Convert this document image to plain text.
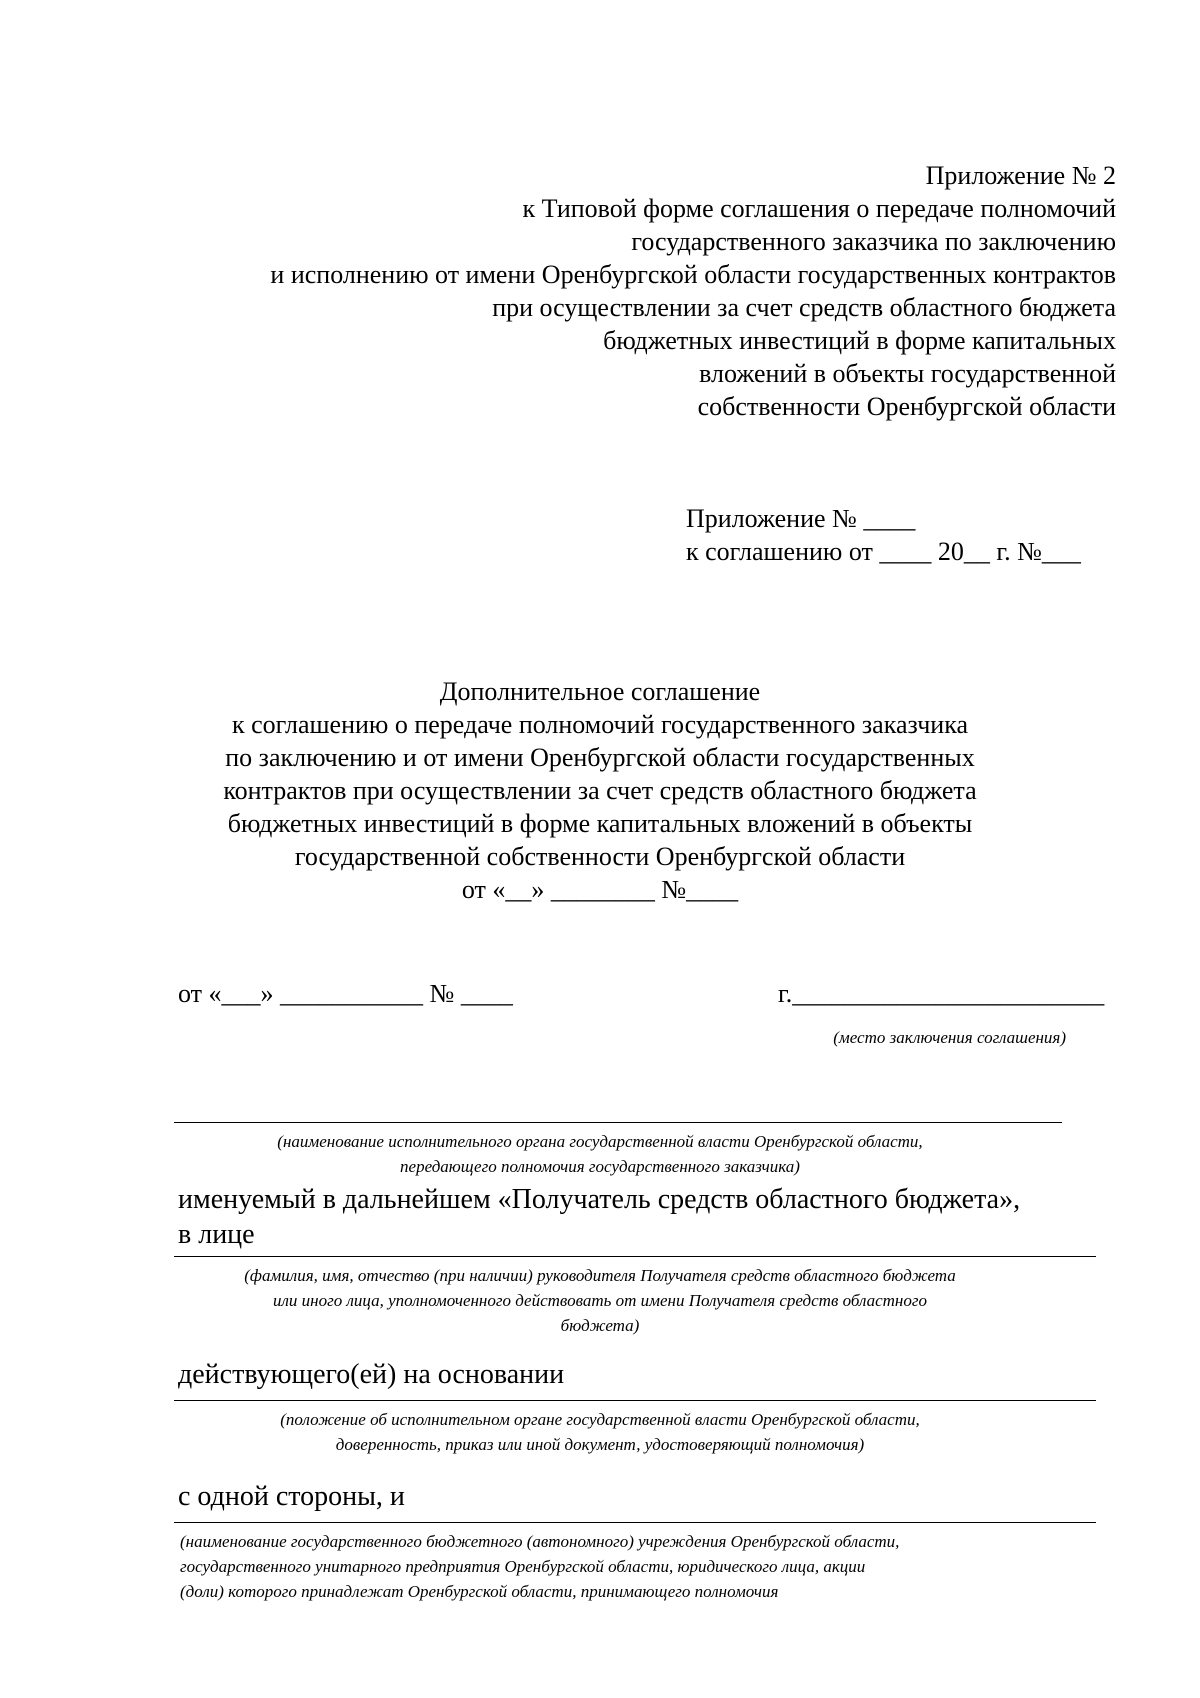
Приложение № 2
к Типовой форме соглашения о передаче полномочий
государственного заказчика по заключению
и исполнению от имени Оренбургской области государственных контрактов
при осуществлении за счет средств областного бюджета
бюджетных инвестиций в форме капитальных
вложений в объекты государственной
собственности Оренбургской области
Приложение № ____
к соглашению от ____ 20__ г. №___
Дополнительное соглашение
к соглашению о передаче полномочий государственного заказчика
по заключению и от имени Оренбургской области государственных
контрактов при осуществлении за счет средств областного бюджета
бюджетных инвестиций в форме капитальных вложений в объекты
государственной собственности Оренбургской области
от «__» ________ №____
от «___» ___________ № ____	г.________________________
(место заключения соглашения)
(наименование исполнительного органа государственной власти Оренбургской области,
передающего полномочия государственного заказчика)
именуемый в дальнейшем «Получатель средств областного бюджета»,
в лице
(фамилия, имя, отчество (при наличии) руководителя Получателя средств областного бюджета
или иного лица, уполномоченного действовать от имени Получателя средств областного
бюджета)
действующего(ей) на основании
(положение об исполнительном органе государственной власти Оренбургской области,
доверенность, приказ или иной документ, удостоверяющий полномочия)
с одной стороны, и
(наименование государственного бюджетного (автономного) учреждения Оренбургской области,
государственного унитарного предприятия Оренбургской области, юридического лица, акции
(доли) которого принадлежат Оренбургской области, принимающего полномочия
